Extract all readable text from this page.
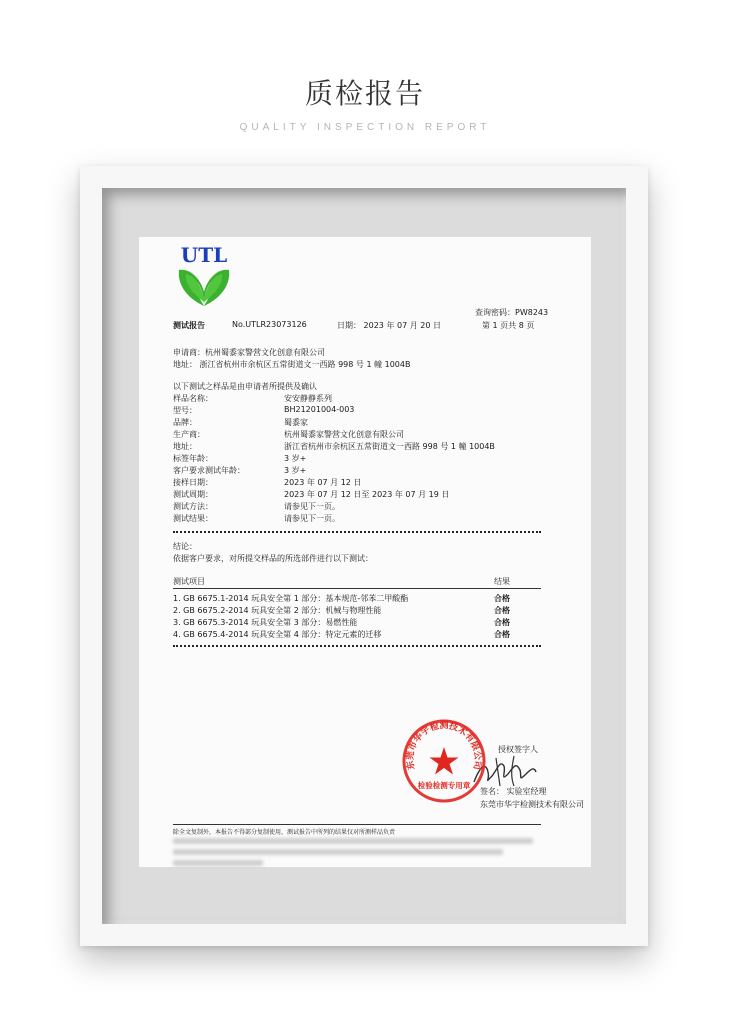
质检报告
QUALITY INSPECTION REPORT
UTL
查询密码：PW8243
测试报告	No.UTLR23073126	日期： 2023 年 07 月 20 日	第 1 页共 8 页
申请商：杭州蜀黍家警营文化创意有限公司
地址： 浙江省杭州市余杭区五常街道文一西路 998 号 1 幢 1004B
以下测试之样品是由申请者所提供及确认
样品名称：	安安静静系列
型号：	BH21201004-003
品牌：	蜀黍家
生产商：	杭州蜀黍家警营文化创意有限公司
地址：	浙江省杭州市余杭区五常街道文一西路 998 号 1 幢 1004B
标签年龄：	3 岁+
客户要求测试年龄：	3 岁+
接样日期：	2023 年 07 月 12 日
测试周期：	2023 年 07 月 12 日至 2023 年 07 月 19 日
测试方法：	请参见下一页。
测试结果：	请参见下一页。
结论：
依据客户要求，对所提交样品的所选部件进行以下测试：
测试项目	结果
1. GB 6675.1-2014 玩具安全第 1 部分：基本规范-邻苯二甲酸酯	合格
2. GB 6675.2-2014 玩具安全第 2 部分：机械与物理性能	合格
3. GB 6675.3-2014 玩具安全第 3 部分：易燃性能	合格
4. GB 6675.4-2014 玩具安全第 4 部分：特定元素的迁移	合格
授权签字人
签名： 实验室经理
东莞市华宇检测技术有限公司
除全文复制外，本报告不得部分复制使用，测试报告中所列的结果仅对所测样品负责
东莞市华宇检测技术有限公司
检验检测专用章
